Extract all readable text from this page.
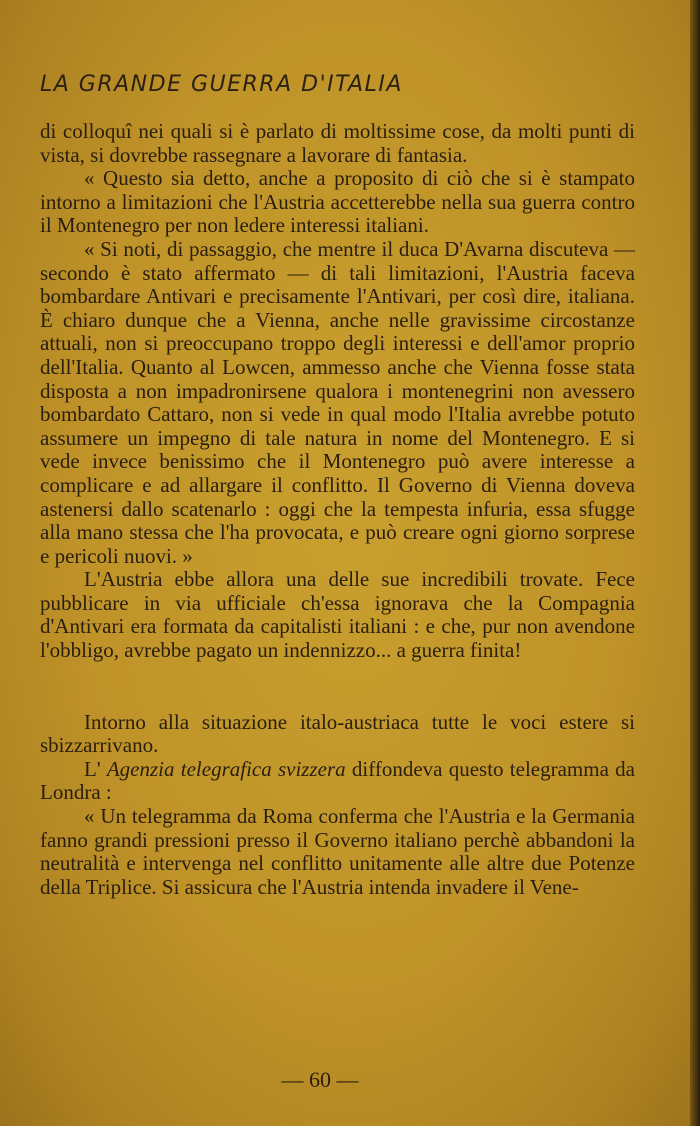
LA GRANDE GUERRA D'ITALIA

di colloquî nei quali si è parlato di moltissime cose, da molti punti di vista, si dovrebbe rassegnare a lavorare di fantasia.

« Questo sia detto, anche a proposito di ciò che si è stampato intorno a limitazioni che l'Austria accetterebbe nella sua guerra contro il Montenegro per non ledere interessi italiani.

« Si noti, di passaggio, che mentre il duca D'Avarna discuteva — secondo è stato affermato — di tali limitazioni, l'Austria faceva bombardare Antivari e precisamente l'Antivari, per così dire, italiana. È chiaro dunque che a Vienna, anche nelle gravissime circostanze attuali, non si preoccupano troppo degli interessi e dell'amor proprio dell'Italia. Quanto al Lowcen, ammesso anche che Vienna fosse stata disposta a non impadronirsene qualora i montenegrini non avessero bombardato Cattaro, non si vede in qual modo l'Italia avrebbe potuto assumere un impegno di tale natura in nome del Montenegro. E si vede invece benissimo che il Montenegro può avere interesse a complicare e ad allargare il conflitto. Il Governo di Vienna doveva astenersi dallo scatenarlo : oggi che la tempesta infuria, essa sfugge alla mano stessa che l'ha provocata, e può creare ogni giorno sorprese e pericoli nuovi. »

L'Austria ebbe allora una delle sue incredibili trovate. Fece pubblicare in via ufficiale ch'essa ignorava che la Compagnia d'Antivari era formata da capitalisti italiani : e che, pur non avendone l'obbligo, avrebbe pagato un indennizzo... a guerra finita!

Intorno alla situazione italo-austriaca tutte le voci estere si sbizzarrivano.

L' Agenzia telegrafica svizzera diffondeva questo telegramma da Londra :

« Un telegramma da Roma conferma che l'Austria e la Germania fanno grandi pressioni presso il Governo italiano perchè abbandoni la neutralità e intervenga nel conflitto unitamente alle altre due Potenze della Triplice. Si assicura che l'Austria intenda invadere il Vene-

— 60 —
